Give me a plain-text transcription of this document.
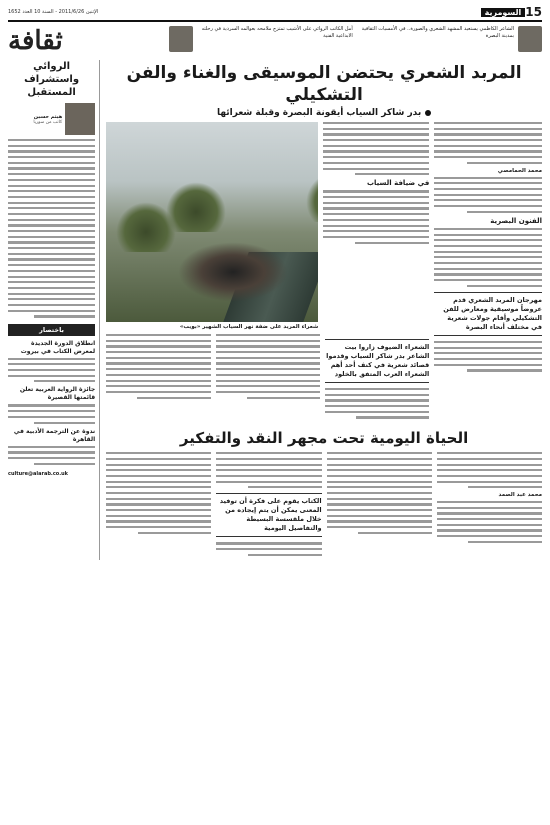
15
السومرية
الإثنين 2011/6/26 - السنة 10 العدد 1652
الشاعر الكاظمي يستعيد المشهد الشعري والصورة.. في الأمسيات الثقافية بمدينة البصرة
أمل الكاتب الروائي على الأشيب تمتزج ملامحه بعوالمه السردية في رحلته الابداعية الفنية
ثقافة
المربد الشعري يحتضن الموسيقى والغناء والفن التشكيلي
بدر شاكر السياب أيقونة البصرة وقبلة شعرائها
محمد الحمامصي
الفنون البصرية
مهرجان المربد الشعري قدم عروضاً موسيقية ومعارض للفن التشكيلي وأقام جولات شعرية في مختلف أنحاء البصرة
في ضيافة السياب
شعراء المربد على ضفة نهر السياب الشهير «بويب»
الشعراء الضيوف زاروا بيت الشاعر بدر شاكر السياب وقدموا قصائد شعرية في كنف أحد أهم الشعراء العرب المتفق بالخلود
الحياة اليومية تحت مجهر النقد والتفكير
محمد عبد الصمد
الكتاب يقوم على فكرة أن توفيد المعنى يمكن أن يتم إيجاده من خلال ملقسسة البسيطة والتفاصيل اليومية
الروائي واستشراف المستقبل
هيثم حسين
كاتب من سوريا
باختصار
انطلاق الدورة الجديدة لمعرض الكتاب في بيروت
جائزة الرواية العربية تعلن قائمتها القصيرة
ندوة عن الترجمة الأدبية في القاهرة
culture@alarab.co.uk
